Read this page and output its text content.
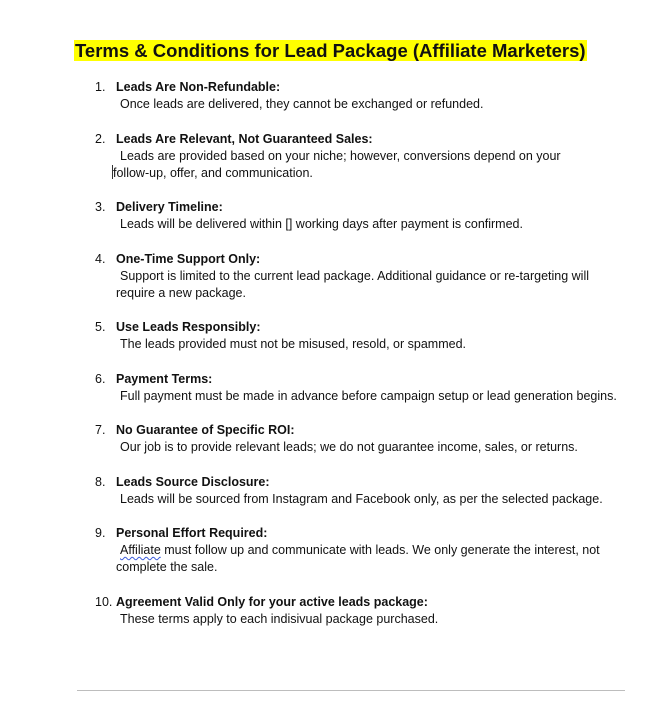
Terms & Conditions for Lead Package (Affiliate Marketers)
1. Leads Are Non-Refundable:
Once leads are delivered, they cannot be exchanged or refunded.
2. Leads Are Relevant, Not Guaranteed Sales:
Leads are provided based on your niche; however, conversions depend on your
follow-up, offer, and communication.
3. Delivery Timeline:
Leads will be delivered within [] working days after payment is confirmed.
4. One-Time Support Only:
Support is limited to the current lead package. Additional guidance or re-targeting will require a new package.
5. Use Leads Responsibly:
The leads provided must not be misused, resold, or spammed.
6. Payment Terms:
Full payment must be made in advance before campaign setup or lead generation begins.
7. No Guarantee of Specific ROI:
Our job is to provide relevant leads; we do not guarantee income, sales, or returns.
8. Leads Source Disclosure:
Leads will be sourced from Instagram and Facebook only, as per the selected package.
9. Personal Effort Required:
Affiliate must follow up and communicate with leads. We only generate the interest, not complete the sale.
10. Agreement Valid Only for your active leads package:
These terms apply to each indisivual package purchased.
